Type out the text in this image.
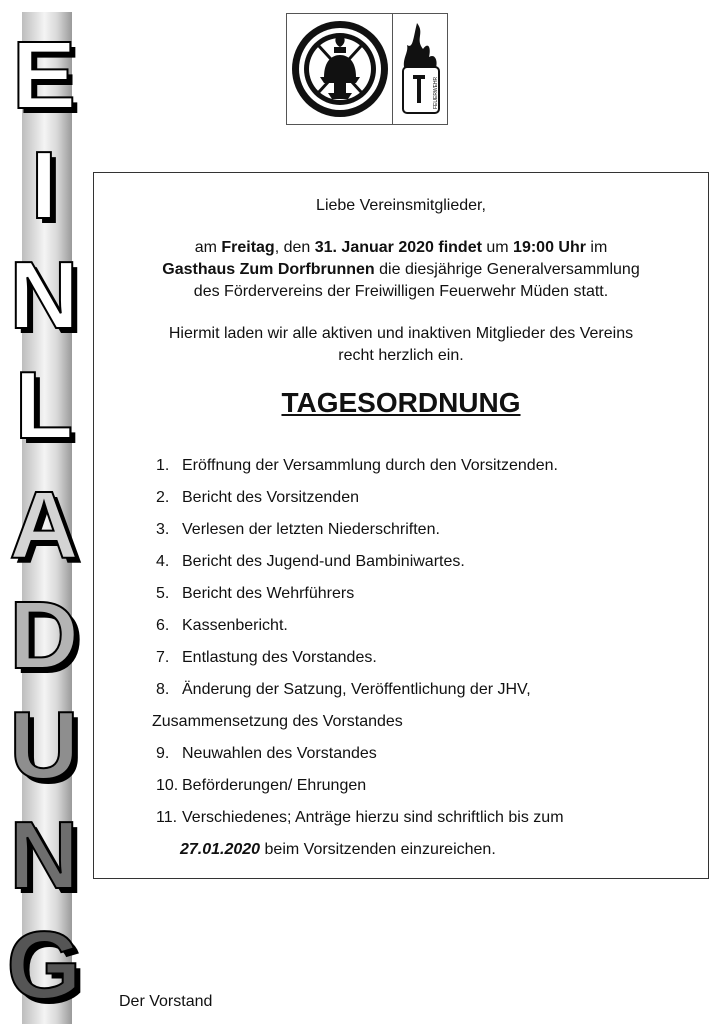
E
I
N
L
A
D
U
N
G
FEUERWEHR
Liebe Vereinsmitglieder,
am Freitag, den 31. Januar 2020 findet um 19:00 Uhr im
Gasthaus Zum Dorfbrunnen die diesjährige Generalversammlung
des Fördervereins der Freiwilligen Feuerwehr Müden statt.
Hiermit laden wir alle aktiven und inaktiven Mitglieder des Vereins
recht herzlich ein.
TAGESORDNUNG
1. Eröffnung der Versammlung durch den Vorsitzenden.
2. Bericht des Vorsitzenden
3. Verlesen der letzten Niederschriften.
4. Bericht des Jugend-und Bambiniwartes.
5. Bericht des Wehrführers
6. Kassenbericht.
7. Entlastung des Vorstandes.
8. Änderung der Satzung, Veröffentlichung der JHV,
Zusammensetzung des Vorstandes
9. Neuwahlen des Vorstandes
10. Beförderungen/ Ehrungen
11. Verschiedenes; Anträge hierzu sind schriftlich bis zum
27.01.2020 beim Vorsitzenden einzureichen.
Der Vorstand
